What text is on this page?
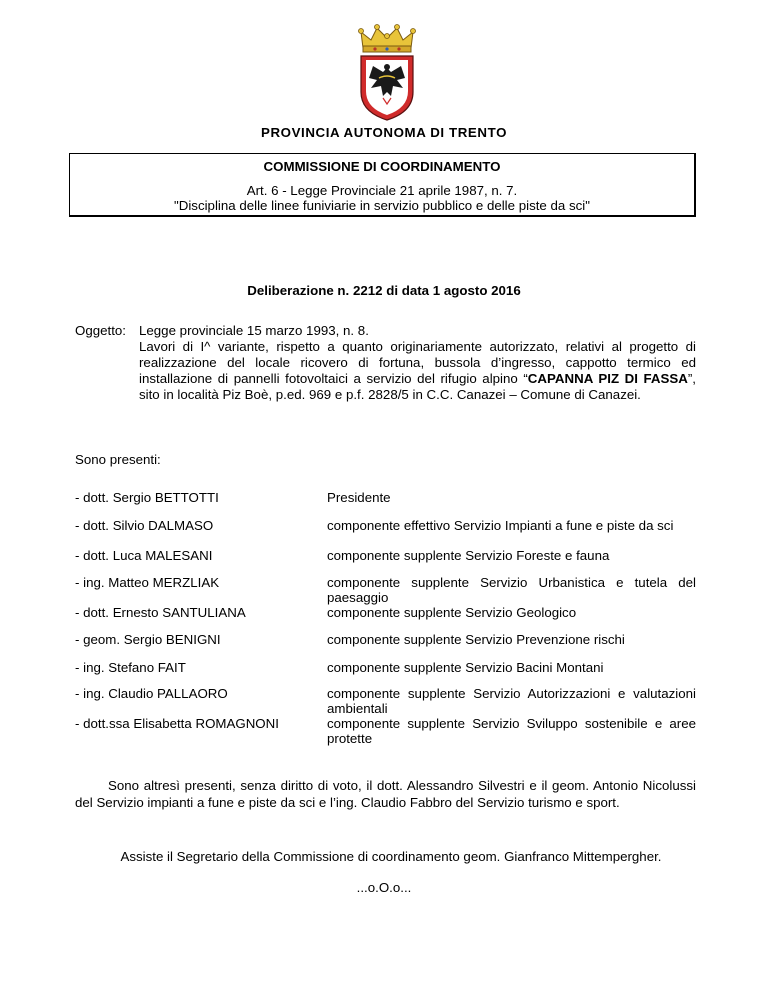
PROVINCIA AUTONOMA DI TRENTO
COMMISSIONE DI COORDINAMENTO
Art. 6 - Legge Provinciale 21 aprile 1987, n. 7.
"Disciplina delle linee funiviarie in servizio pubblico e delle piste da sci"
Deliberazione n. 2212 di data 1 agosto 2016
Oggetto: Legge provinciale 15 marzo 1993, n. 8.
Lavori di I^ variante, rispetto a quanto originariamente autorizzato, relativi al progetto di realizzazione del locale ricovero di fortuna, bussola d’ingresso, cappotto termico ed installazione di pannelli fotovoltaici a servizio del rifugio alpino “CAPANNA PIZ DI FASSA”, sito in località Piz Boè, p.ed. 969 e p.f. 2828/5 in C.C. Canazei – Comune di Canazei.
Sono presenti:
- dott. Sergio BETTOTTI	Presidente
- dott. Silvio DALMASO	componente effettivo Servizio Impianti a fune e piste da sci
- dott. Luca MALESANI	componente supplente Servizio Foreste e fauna
- ing. Matteo MERZLIAK	componente supplente Servizio Urbanistica e tutela del paesaggio
- dott. Ernesto SANTULIANA	componente supplente Servizio Geologico
- geom. Sergio BENIGNI	componente supplente Servizio Prevenzione rischi
- ing. Stefano FAIT	componente supplente Servizio Bacini Montani
- ing. Claudio PALLAORO	componente supplente Servizio Autorizzazioni e valutazioni ambientali
- dott.ssa Elisabetta ROMAGNONI	componente supplente Servizio Sviluppo sostenibile e aree protette
Sono altresì presenti, senza diritto di voto, il dott. Alessandro Silvestri e il geom. Antonio Nicolussi del Servizio impianti a fune e piste da sci e l’ing. Claudio Fabbro del Servizio turismo e sport.
Assiste il Segretario della Commissione di coordinamento geom. Gianfranco Mittempergher.
...o.O.o...
